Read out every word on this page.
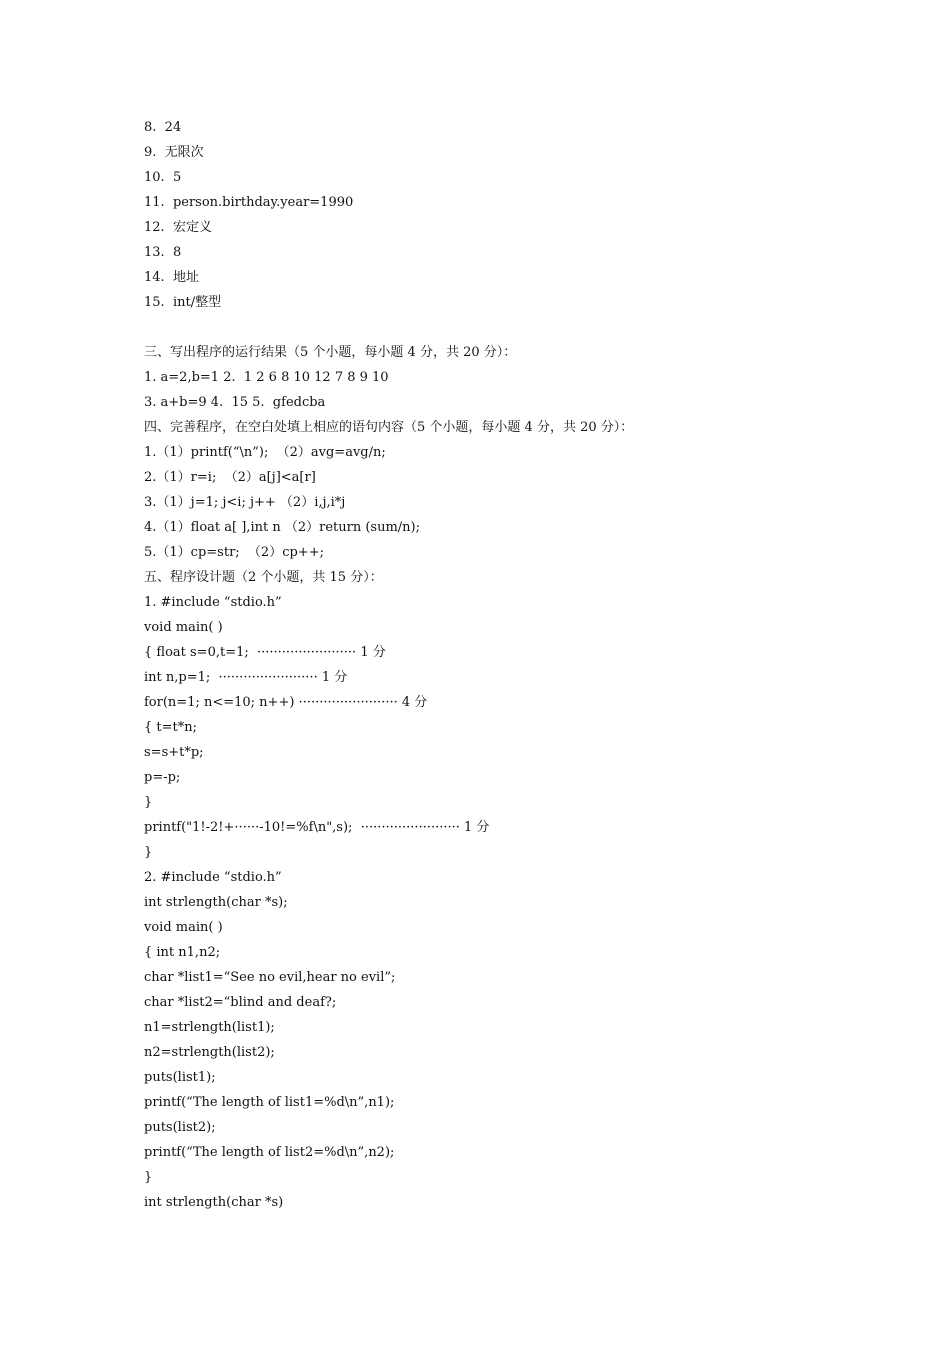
8.  24
9.  无限次
10.  5
11.  person.birthday.year=1990
12.  宏定义
13.  8
14.  地址
15.  int/整型
三、写出程序的运行结果（5 个小题，每小题 4 分，共 20 分）：
1. a=2,b=1 2.  1 2 6 8 10 12 7 8 9 10
3. a+b=9 4.  15 5.  gfedcba
四、完善程序，在空白处填上相应的语句内容（5 个小题，每小题 4 分，共 20 分）：
1.（1）printf(“\n”);  （2）avg=avg/n;
2.（1）r=i;  （2）a[j]<a[r]
3.（1）j=1; j<i; j++ （2）i,j,i*j
4.（1）float a[ ],int n （2）return (sum/n);
5.（1）cp=str;  （2）cp++;
五、程序设计题（2 个小题，共 15 分）：
1. #include “stdio.h”
void main( )
{ float s=0,t=1;  ························ 1 分
int n,p=1;  ························ 1 分
for(n=1; n<=10; n++) ························ 4 分
{ t=t*n;
s=s+t*p;
p=-p;
}
printf("1!-2!+······-10!=%f\n",s);  ························ 1 分
}
2. #include “stdio.h”
int strlength(char *s);
void main( )
{ int n1,n2;
char *list1=“See no evil,hear no evil”;
char *list2=“blind and deaf?;
n1=strlength(list1);
n2=strlength(list2);
puts(list1);
printf(“The length of list1=%d\n”,n1);
puts(list2);
printf(“The length of list2=%d\n”,n2);
}
int strlength(char *s)
